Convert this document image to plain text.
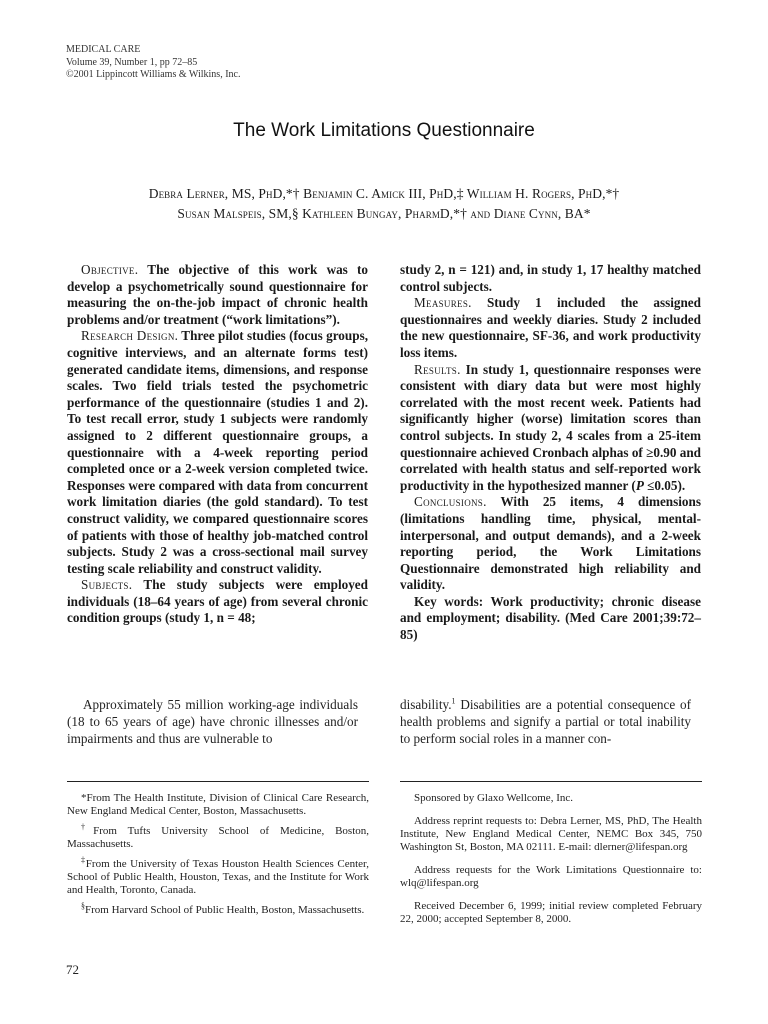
MEDICAL CARE
Volume 39, Number 1, pp 72–85
©2001 Lippincott Williams & Wilkins, Inc.
The Work Limitations Questionnaire
Debra Lerner, MS, PhD,*† Benjamin C. Amick III, PhD,‡ William H. Rogers, PhD,*†
Susan Malspeis, SM,§ Kathleen Bungay, PharmD,*† and Diane Cynn, BA*

Objective. The objective of this work was to develop a psychometrically sound questionnaire for measuring the on-the-job impact of chronic health problems and/or treatment (“work limitations”).

Research Design. Three pilot studies (focus groups, cognitive interviews, and an alternate forms test) generated candidate items, dimensions, and response scales. Two field trials tested the psychometric performance of the questionnaire (studies 1 and 2). To test recall error, study 1 subjects were randomly assigned to 2 different questionnaire groups, a questionnaire with a 4-week reporting period completed once or a 2-week version completed twice. Responses were compared with data from concurrent work limitation diaries (the gold standard). To test construct validity, we compared questionnaire scores of patients with those of healthy job-matched control subjects. Study 2 was a cross-sectional mail survey testing scale reliability and construct validity.

Subjects. The study subjects were employed individuals (18–64 years of age) from several chronic condition groups (study 1, n = 48;

study 2, n = 121) and, in study 1, 17 healthy matched control subjects.

Measures. Study 1 included the assigned questionnaires and weekly diaries. Study 2 included the new questionnaire, SF-36, and work productivity loss items.

Results. In study 1, questionnaire responses were consistent with diary data but were most highly correlated with the most recent week. Patients had significantly higher (worse) limitation scores than control subjects. In study 2, 4 scales from a 25-item questionnaire achieved Cronbach alphas of ≥0.90 and correlated with health status and self-reported work productivity in the hypothesized manner (P ≤0.05).

Conclusions. With 25 items, 4 dimensions (limitations handling time, physical, mental-interpersonal, and output demands), and a 2-week reporting period, the Work Limitations Questionnaire demonstrated high reliability and validity.

Key words: Work productivity; chronic disease and employment; disability. (Med Care 2001;39:72–85)

Approximately 55 million working-age individuals (18 to 65 years of age) have chronic illnesses and/or impairments and thus are vulnerable to
disability.$^1$ Disabilities are a potential consequence of health problems and signify a partial or total inability to perform social roles in a manner con-

*From The Health Institute, Division of Clinical Care Research, New England Medical Center, Boston, Massachusetts.

†From Tufts University School of Medicine, Boston, Massachusetts.

‡From the University of Texas Houston Health Sciences Center, School of Public Health, Houston, Texas, and the Institute for Work and Health, Toronto, Canada.

§From Harvard School of Public Health, Boston, Massachusetts.

Sponsored by Glaxo Wellcome, Inc.

Address reprint requests to: Debra Lerner, MS, PhD, The Health Institute, New England Medical Center, NEMC Box 345, 750 Washington St, Boston, MA 02111. E-mail: dlerner@lifespan.org

Address requests for the Work Limitations Questionnaire to: wlq@lifespan.org

Received December 6, 1999; initial review completed February 22, 2000; accepted September 8, 2000.

72
